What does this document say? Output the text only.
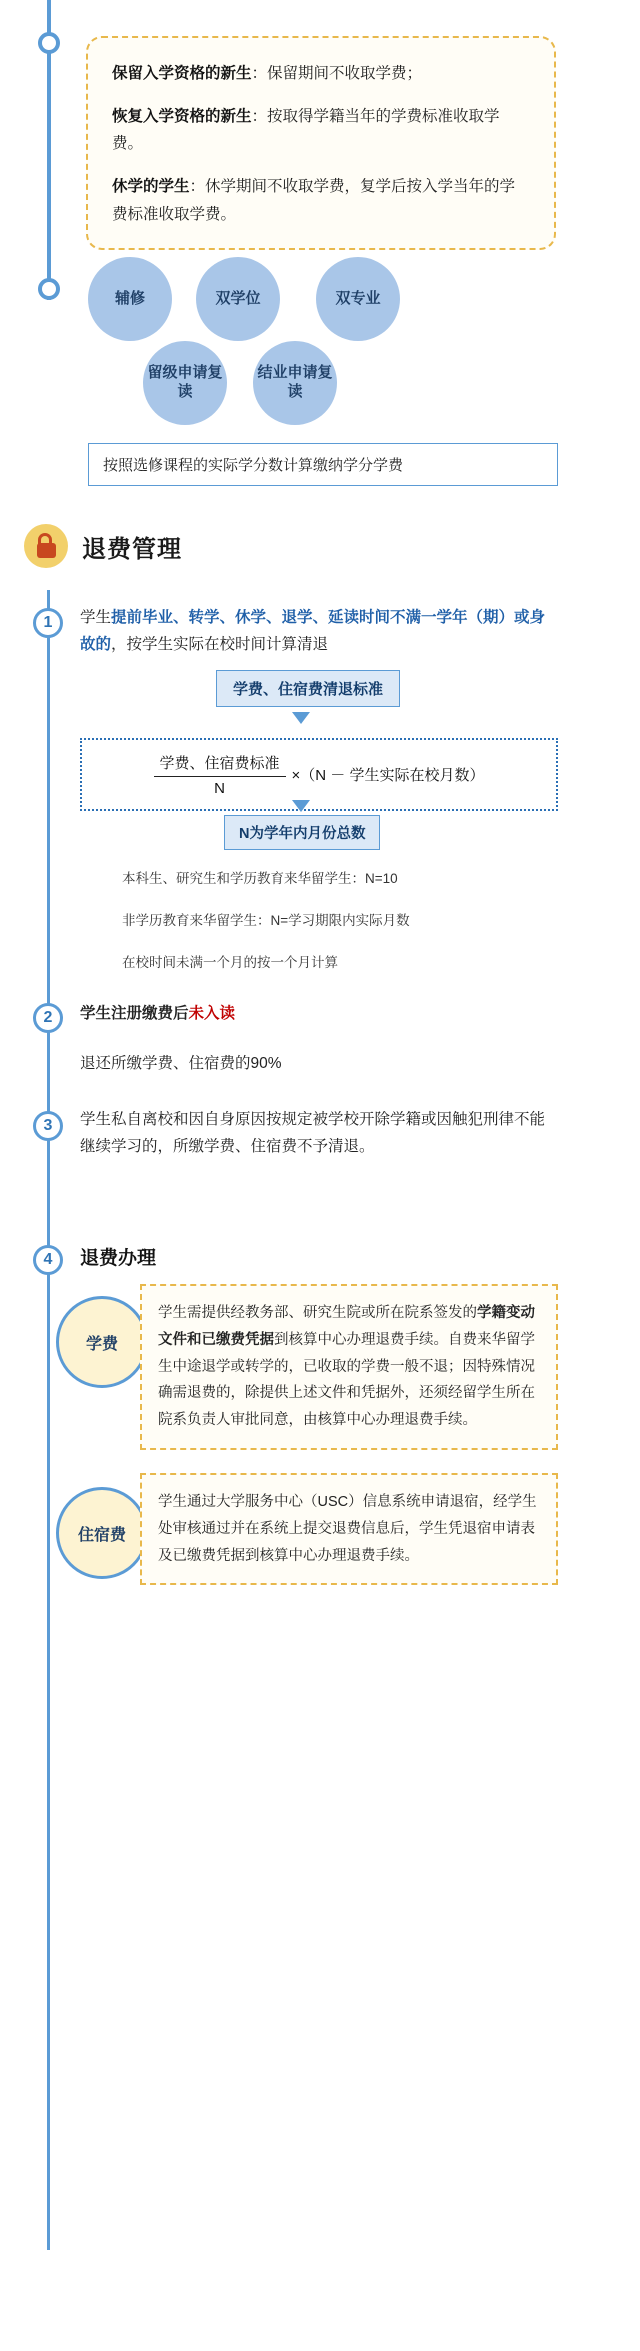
保留入学资格的新生：保留期间不收取学费；

恢复入学资格的新生：按取得学籍当年的学费标准收取学费。

休学的学生：休学期间不收取学费，复学后按入学当年的学费标准收取学费。

辅修	双学位	双专业
留级申请复读
结业申请复读
按照选修课程的实际学分数计算缴纳学分学费
退费管理
1	学生提前毕业、转学、休学、退学、延读时间不满一学年（期）或身故的，按学生实际在校时间计算清退
学费、住宿费清退标准
$\frac{\text{学费、住宿费标准}}{N} \times(N$ － 学生实际在校月数）
N为学年内月份总数
本科生、研究生和学历教育来华留学生：N=10
非学历教育来华留学生：N=学习期限内实际月数
在校时间未满一个月的按一个月计算
2	学生注册缴费后未入读
退还所缴学费、住宿费的90%
3	学生私自离校和因自身原因按规定被学校开除学籍或因触犯刑律不能继续学习的，所缴学费、住宿费不予清退。
4	退费办理
学费
学生需提供经教务部、研究生院或所在院系签发的学籍变动文件和已缴费凭据到核算中心办理退费手续。自费来华留学生中途退学或转学的，已收取的学费一般不退；因特殊情况确需退费的，除提供上述文件和凭据外，还须经留学生所在院系负责人审批同意，由核算中心办理退费手续。
住宿费
学生通过大学服务中心（USC）信息系统申请退宿，经学生处审核通过并在系统上提交退费信息后，学生凭退宿申请表及已缴费凭据到核算中心办理退费手续。
